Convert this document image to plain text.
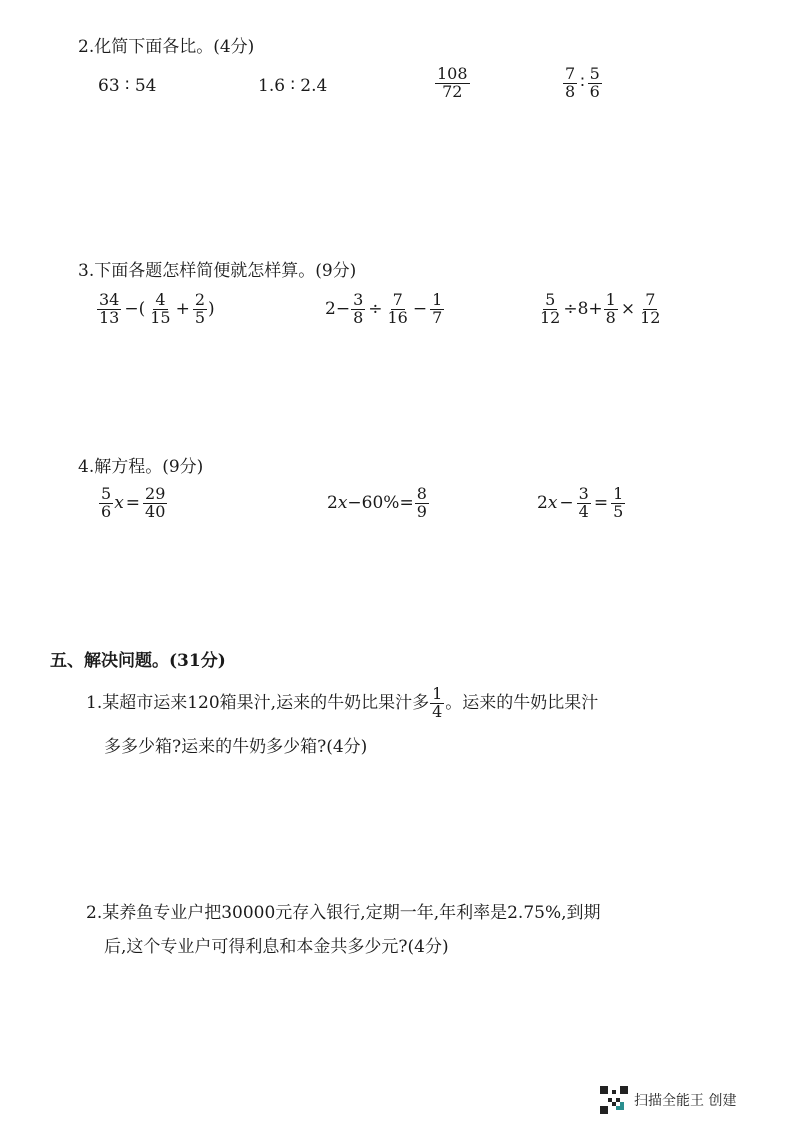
2.化简下面各比。(4分)
63 ∶ 54	1.6 ∶ 2.4	$\frac{108}{72}$	$\frac{7}{8}$ ∶ $\frac{5}{6}$
3.下面各题怎样简便就怎样算。(9分)
$\frac{34}{13}$ −( $\frac{4}{15} + \frac{2}{5}$ )	$2- \frac{3}{8} \div \frac{7}{16} - \frac{1}{7}$	$\frac{5}{12} \div 8+ \frac{1}{8} \times \frac{7}{12}$
4.解方程。(9分)
$\frac{5}{6}$ $x = \frac{29}{40}$	2 $x -60\%= \frac{8}{9}$	2 $x - \frac{3}{4} = \frac{1}{5}$
五、解决问题。(31分)
1.某超市运来120箱果汁,运来的牛奶比果汁多 $\frac{1}{4}$ 。运来的牛奶比果汁
多多少箱?运来的牛奶多少箱?(4分)
2.某养鱼专业户把30000元存入银行,定期一年,年利率是2.75%,到期
后,这个专业户可得利息和本金共多少元?(4分)
扫描全能王 创建
